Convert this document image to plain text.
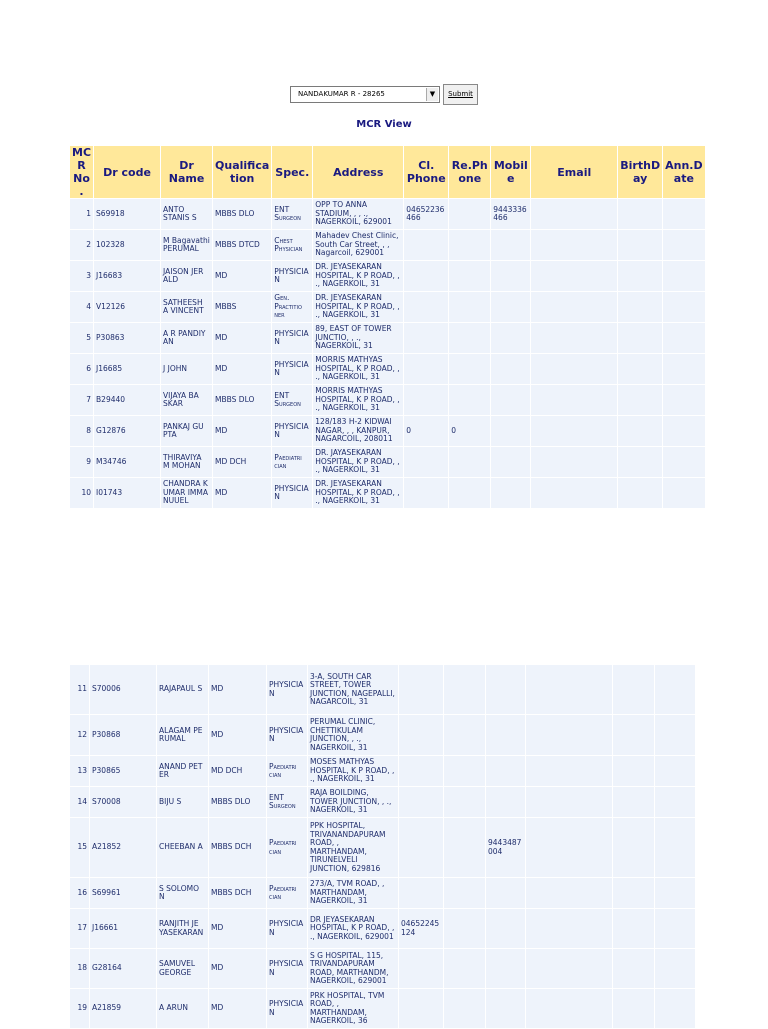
NANDAKUMAR R - 28265	▼	Submit
MCR View
MC R No .	Dr code	Dr Name	Qualifica tion	Spec.	Address	Cl. Phone	Re.Ph one	Mobil e	Email	BirthD ay	Ann.D ate
1	S69918	ANTO STANIS S	MBBS DLO	ENT Surgeon	OPP TO ANNA STADIUM, , , ., NAGERKOIL, 629001	04652236 466		9443336 466			
2	102328	M Bagavathi PERUMAL	MBBS DTCD	Chest Physician	Mahadev Chest Clinic, South Car Street, , , Nagarcoil, 629001						
3	J16683	JAISON JER ALD	MD	PHYSICIA N	DR. JEYASEKARAN HOSPITAL, K P ROAD, , ., NAGERKOIL, 31						
4	V12126	SATHEESH A VINCENT	MBBS	Gen. Practitio ner	DR. JEYASEKARAN HOSPITAL, K P ROAD, , ., NAGERKOIL, 31						
5	P30863	A R PANDIY AN	MD	PHYSICIA N	89, EAST OF TOWER JUNCTIO, , ., NAGERKOIL, 31						
6	J16685	J JOHN	MD	PHYSICIA N	MORRIS MATHYAS HOSPITAL, K P ROAD, , ., NAGERKOIL, 31						
7	B29440	VIJAYA BA SKAR	MBBS DLO	ENT Surgeon	MORRIS MATHYAS HOSPITAL, K P ROAD, , ., NAGERKOIL, 31						
8	G12876	PANKAJ GU PTA	MD	PHYSICIA N	128/183 H-2 KIDWAI NAGAR, , , KANPUR, NAGARCOIL, 208011	0	0				
9	M34746	THIRAVIYA M MOHAN	MD DCH	Paediatri cian	DR. JAYASEKARAN HOSPITAL, K P ROAD, , ., NAGERKOIL, 31						
10	I01743	CHANDRA K UMAR IMMA NUUEL	MD	PHYSICIA N	DR. JEYASEKARAN HOSPITAL, K P ROAD, , ., NAGERKOIL, 31						
11	S70006	RAJAPAUL S	MD	PHYSICIA N	3-A, SOUTH CAR STREET, TOWER JUNCTION, NAGEPALLI, NAGARCOIL, 31						
12	P30868	ALAGAM PE RUMAL	MD	PHYSICIA N	PERUMAL CLINIC, CHETTIKULAM JUNCTION, , ., NAGERKOIL, 31						
13	P30865	ANAND PET ER	MD DCH	Paediatri cian	MOSES MATHYAS HOSPITAL, K P ROAD, , ., NAGERKOIL, 31						
14	S70008	BIJU S	MBBS DLO	ENT Surgeon	RAJA BOILDING, TOWER JUNCTION, , ., NAGERKOIL, 31						
15	A21852	CHEEBAN A	MBBS DCH	Paediatri cian	PPK HOSPITAL, TRIVANANDAPURAM ROAD, , MARTHANDAM, TIRUNELVELI JUNCTION, 629816			9443487 004			
16	S69961	S SOLOMO N	MBBS DCH	Paediatri cian	273/A, TVM ROAD, , MARTHANDAM, NAGERKOIL, 31						
17	J16661	RANJITH JE YASEKARAN	MD	PHYSICIA N	DR JEYASEKARAN HOSPITAL, K P ROAD, , ., NAGERKOIL, 629001	04652245 124					
18	G28164	SAMUVEL GEORGE	MD	PHYSICIA N	S G HOSPITAL, 115, TRIVANDAPURAM ROAD, MARTHANDM, NAGERKOIL, 629001						
19	A21859	A ARUN	MD	PHYSICIA N	PRK HOSPITAL, TVM ROAD, , MARTHANDAM, NAGERKOIL, 36						
